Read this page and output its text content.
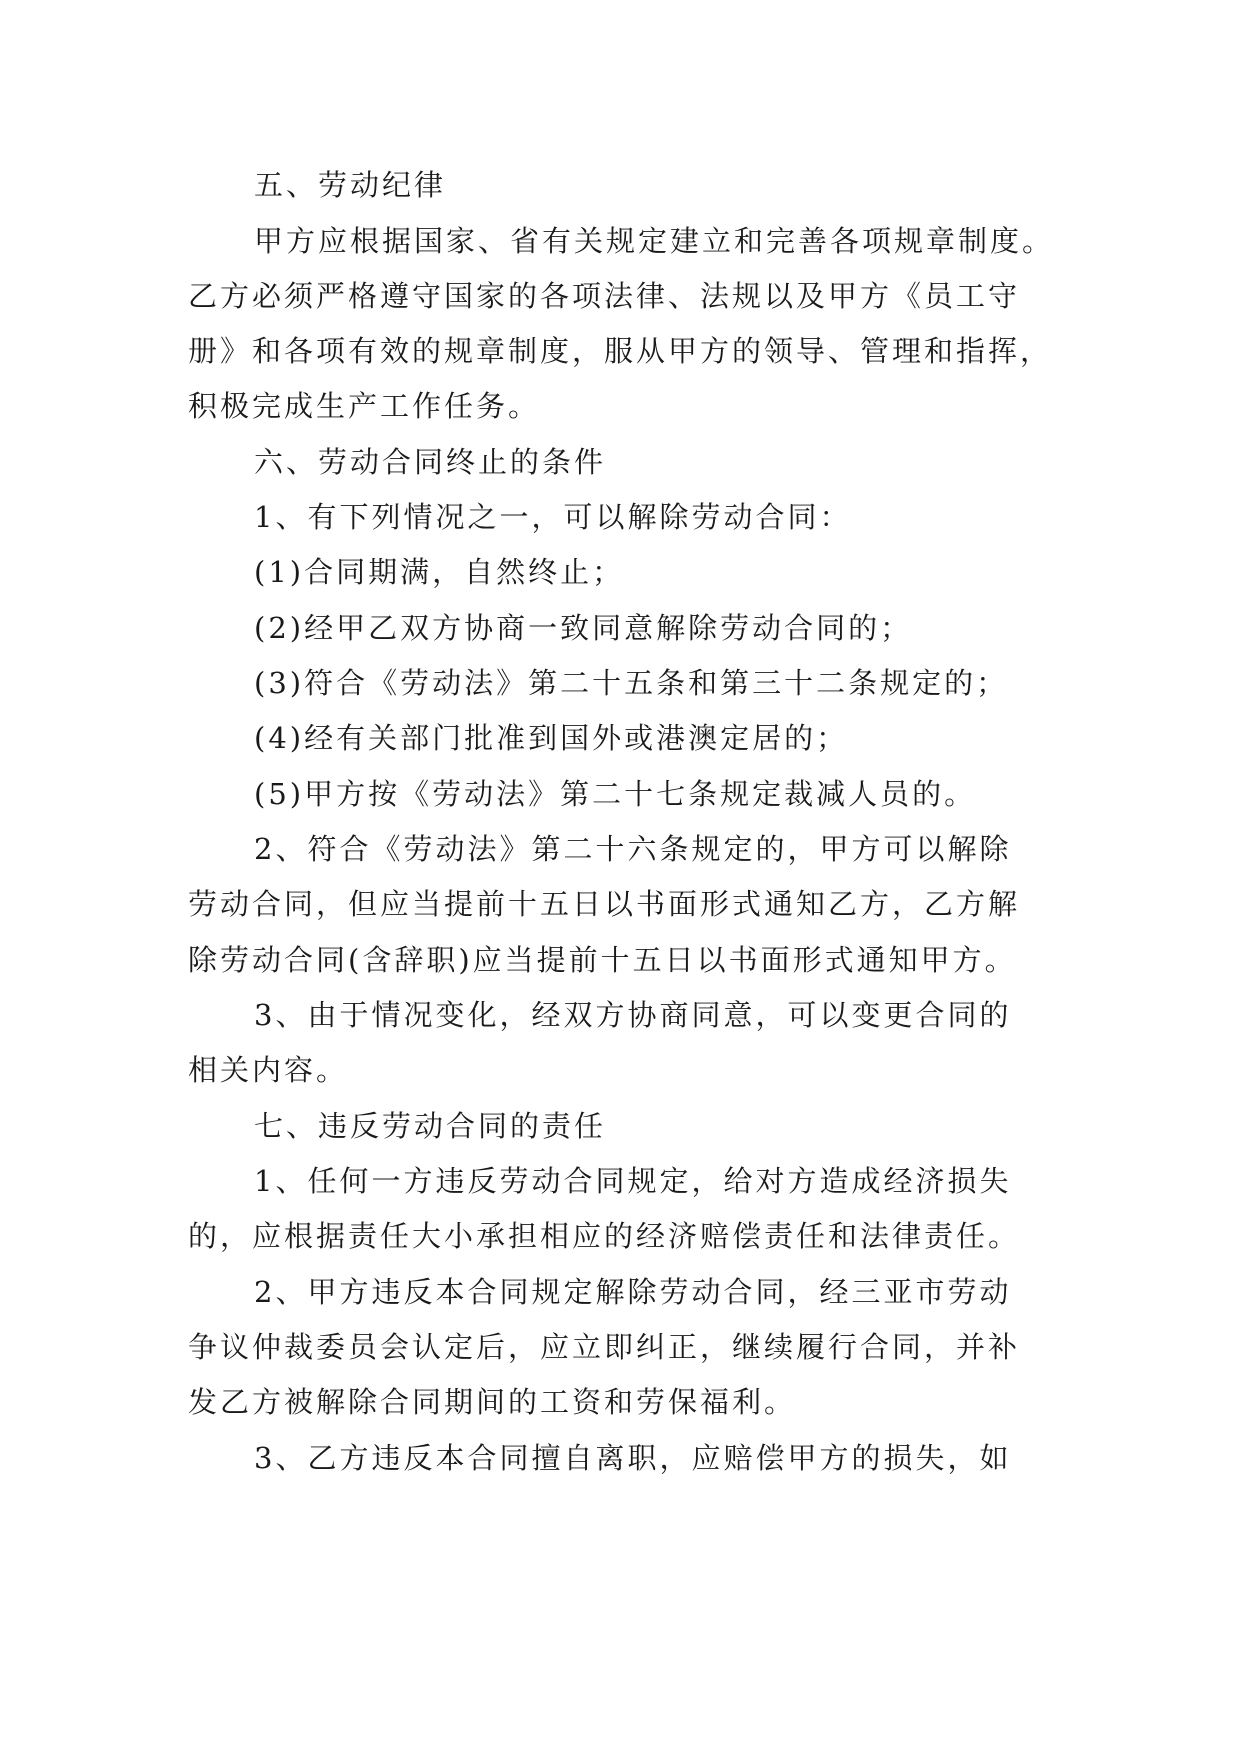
五、劳动纪律
甲方应根据国家、省有关规定建立和完善各项规章制度。
乙方必须严格遵守国家的各项法律、法规以及甲方《员工守
册》和各项有效的规章制度，服从甲方的领导、管理和指挥，
积极完成生产工作任务。
六、劳动合同终止的条件
1、有下列情况之一，可以解除劳动合同：
(1)合同期满，自然终止；
(2)经甲乙双方协商一致同意解除劳动合同的；
(3)符合《劳动法》第二十五条和第三十二条规定的；
(4)经有关部门批准到国外或港澳定居的；
(5)甲方按《劳动法》第二十七条规定裁减人员的。
2、符合《劳动法》第二十六条规定的，甲方可以解除
劳动合同，但应当提前十五日以书面形式通知乙方，乙方解
除劳动合同(含辞职)应当提前十五日以书面形式通知甲方。
3、由于情况变化，经双方协商同意，可以变更合同的
相关内容。
七、违反劳动合同的责任
1、任何一方违反劳动合同规定，给对方造成经济损失
的，应根据责任大小承担相应的经济赔偿责任和法律责任。
2、甲方违反本合同规定解除劳动合同，经三亚市劳动
争议仲裁委员会认定后，应立即纠正，继续履行合同，并补
发乙方被解除合同期间的工资和劳保福利。
3、乙方违反本合同擅自离职，应赔偿甲方的损失，如
